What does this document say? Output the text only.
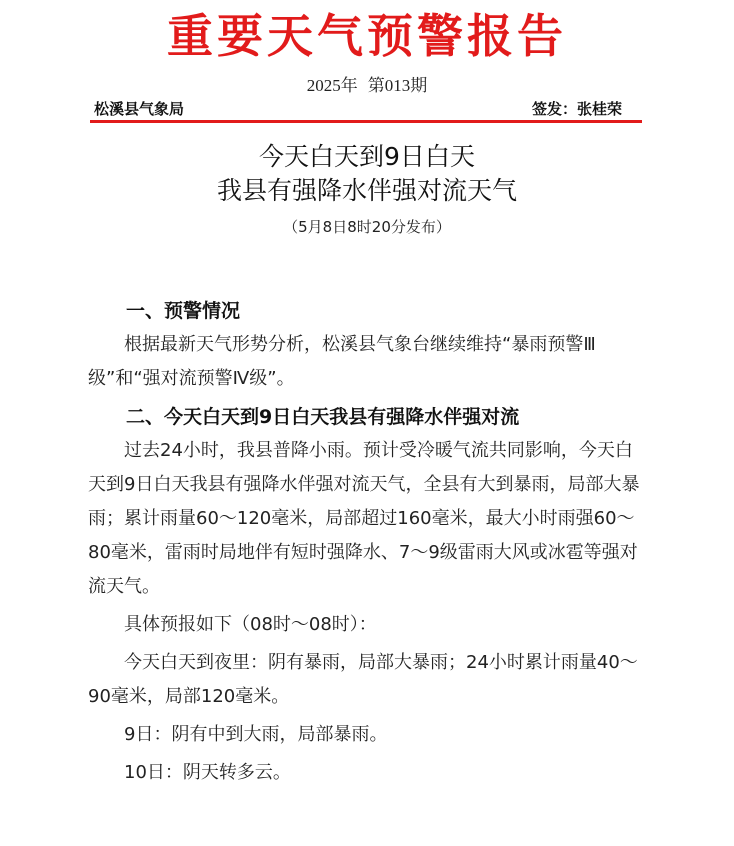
重要天气预警报告
2025年 第013期
松溪县气象局	签发：张桂荣
今天白天到9日白天
我县有强降水伴强对流天气
（5月8日8时20分发布）
一、预警情况

根据最新天气形势分析，松溪县气象台继续维持“暴雨预警Ⅲ级”和“强对流预警Ⅳ级”。

二、今天白天到9日白天我县有强降水伴强对流

过去24小时，我县普降小雨。预计受冷暖气流共同影响，今天白天到9日白天我县有强降水伴强对流天气，全县有大到暴雨，局部大暴雨；累计雨量60～120毫米，局部超过160毫米，最大小时雨强60～80毫米，雷雨时局地伴有短时强降水、7～9级雷雨大风或冰雹等强对流天气。

具体预报如下（08时～08时）：

今天白天到夜里：阴有暴雨，局部大暴雨；24小时累计雨量40～90毫米，局部120毫米。

9日：阴有中到大雨，局部暴雨。

10日：阴天转多云。
